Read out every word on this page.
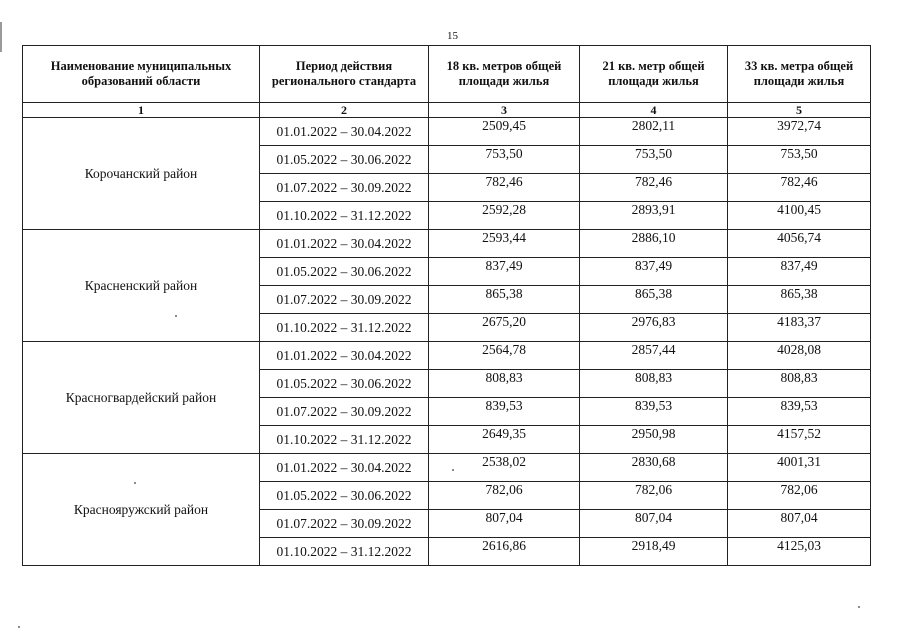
15
Наименование муниципальных образований области	Период действия регионального стандарта	18 кв. метров общей площади жилья	21 кв. метр общей площади жилья	33 кв. метра общей площади жилья
1	2	3	4	5
Корочанский район	01.01.2022 – 30.04.2022	2509,45	2802,11	3972,74
	01.05.2022 – 30.06.2022	753,50	753,50	753,50
	01.07.2022 – 30.09.2022	782,46	782,46	782,46
	01.10.2022 – 31.12.2022	2592,28	2893,91	4100,45
Красненский район	01.01.2022 – 30.04.2022	2593,44	2886,10	4056,74
	01.05.2022 – 30.06.2022	837,49	837,49	837,49
	01.07.2022 – 30.09.2022	865,38	865,38	865,38
	01.10.2022 – 31.12.2022	2675,20	2976,83	4183,37
Красногвардейский район	01.01.2022 – 30.04.2022	2564,78	2857,44	4028,08
	01.05.2022 – 30.06.2022	808,83	808,83	808,83
	01.07.2022 – 30.09.2022	839,53	839,53	839,53
	01.10.2022 – 31.12.2022	2649,35	2950,98	4157,52
Краснояружский район	01.01.2022 – 30.04.2022	2538,02	2830,68	4001,31
	01.05.2022 – 30.06.2022	782,06	782,06	782,06
	01.07.2022 – 30.09.2022	807,04	807,04	807,04
	01.10.2022 – 31.12.2022	2616,86	2918,49	4125,03
